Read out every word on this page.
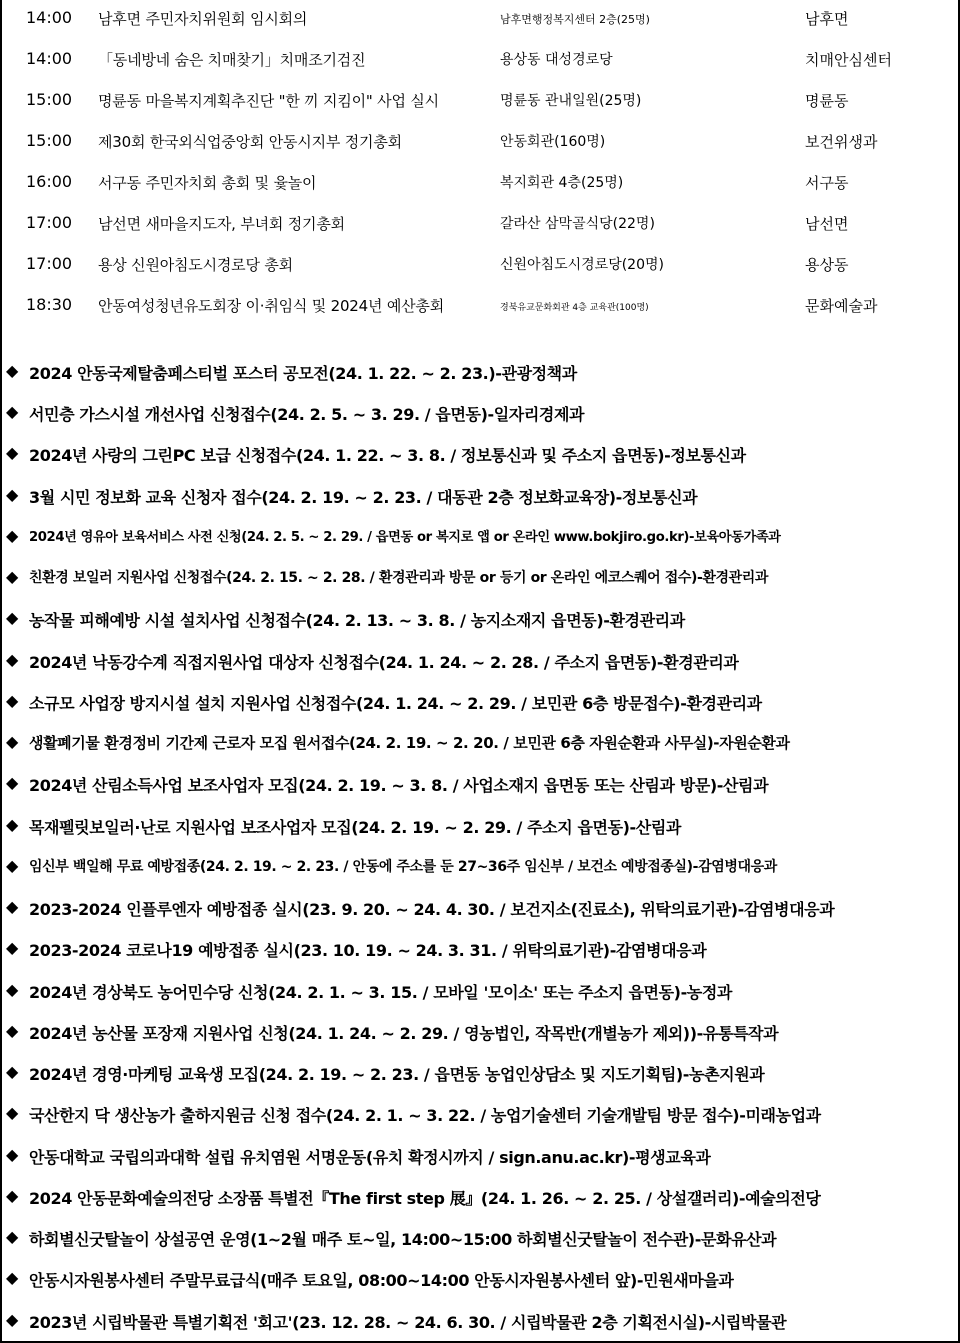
14:00 남후면 주민자치위원회 임시회의	남후면행정복지센터 2층(25명)	남후면
14:00 「동네방네 숨은 치매찾기」치매조기검진	용상동 대성경로당	치매안심센터
15:00 명륜동 마을복지계획추진단 "한 끼 지킴이" 사업 실시	명륜동 관내일원(25명)	명륜동
15:00 제30회 한국외식업중앙회 안동시지부 정기총회	안동회관(160명)	보건위생과
16:00 서구동 주민자치회 총회 및 윷놀이	복지회관 4층(25명)	서구동
17:00 남선면 새마을지도자, 부녀회 정기총회	갈라산 삼막골식당(22명)	남선면
17:00 용상 신원아침도시경로당 총회	신원아침도시경로당(20명)	용상동
18:30 안동여성청년유도회장 이·취임식 및 2024년 예산총회	경북유교문화회관 4층 교육관(100명)	문화예술과
◆ 2024 안동국제탈춤페스티벌 포스터 공모전(24. 1. 22. ~ 2. 23.)-관광정책과
◆ 서민층 가스시설 개선사업 신청접수(24. 2. 5. ~ 3. 29. / 읍면동)-일자리경제과
◆ 2024년 사랑의 그린PC 보급 신청접수(24. 1. 22. ~ 3. 8. / 정보통신과 및 주소지 읍면동)-정보통신과
◆ 3월 시민 정보화 교육 신청자 접수(24. 2. 19. ~ 2. 23. / 대동관 2층 정보화교육장)-정보통신과
◆ 2024년 영유아 보육서비스 사전 신청(24. 2. 5. ~ 2. 29. / 읍면동 or 복지로 앱 or 온라인 www.bokjiro.go.kr)-보육아동가족과
◆ 친환경 보일러 지원사업 신청접수(24. 2. 15. ~ 2. 28. / 환경관리과 방문 or 등기 or 온라인 에코스퀘어 접수)-환경관리과
◆ 농작물 피해예방 시설 설치사업 신청접수(24. 2. 13. ~ 3. 8. / 농지소재지 읍면동)-환경관리과
◆ 2024년 낙동강수계 직접지원사업 대상자 신청접수(24. 1. 24. ~ 2. 28. / 주소지 읍면동)-환경관리과
◆ 소규모 사업장 방지시설 설치 지원사업 신청접수(24. 1. 24. ~ 2. 29. / 보민관 6층 방문접수)-환경관리과
◆ 생활폐기물 환경정비 기간제 근로자 모집 원서접수(24. 2. 19. ~ 2. 20. / 보민관 6층 자원순환과 사무실)-자원순환과
◆ 2024년 산림소득사업 보조사업자 모집(24. 2. 19. ~ 3. 8. / 사업소재지 읍면동 또는 산림과 방문)-산림과
◆ 목재펠릿보일러·난로 지원사업 보조사업자 모집(24. 2. 19. ~ 2. 29. / 주소지 읍면동)-산림과
◆ 임신부 백일해 무료 예방접종(24. 2. 19. ~ 2. 23. / 안동에 주소를 둔 27~36주 임신부 / 보건소 예방접종실)-감염병대응과
◆ 2023-2024 인플루엔자 예방접종 실시(23. 9. 20. ~ 24. 4. 30. / 보건지소(진료소), 위탁의료기관)-감염병대응과
◆ 2023-2024 코로나19 예방접종 실시(23. 10. 19. ~ 24. 3. 31. / 위탁의료기관)-감염병대응과
◆ 2024년 경상북도 농어민수당 신청(24. 2. 1. ~ 3. 15. / 모바일 '모이소' 또는 주소지 읍면동)-농정과
◆ 2024년 농산물 포장재 지원사업 신청(24. 1. 24. ~ 2. 29. / 영농법인, 작목반(개별농가 제외))-유통특작과
◆ 2024년 경영·마케팅 교육생 모집(24. 2. 19. ~ 2. 23. / 읍면동 농업인상담소 및 지도기획팀)-농촌지원과
◆ 국산한지 닥 생산농가 출하지원금 신청 접수(24. 2. 1. ~ 3. 22. / 농업기술센터 기술개발팀 방문 접수)-미래농업과
◆ 안동대학교 국립의과대학 설립 유치염원 서명운동(유치 확정시까지 / sign.anu.ac.kr)-평생교육과
◆ 2024 안동문화예술의전당 소장품 특별전『The first step 展』(24. 1. 26. ~ 2. 25. / 상설갤러리)-예술의전당
◆ 하회별신굿탈놀이 상설공연 운영(1~2월 매주 토~일, 14:00~15:00 하회별신굿탈놀이 전수관)-문화유산과
◆ 안동시자원봉사센터 주말무료급식(매주 토요일, 08:00~14:00 안동시자원봉사센터 앞)-민원새마을과
◆ 2023년 시립박물관 특별기획전 '회고'(23. 12. 28. ~ 24. 6. 30. / 시립박물관 2층 기획전시실)-시립박물관
